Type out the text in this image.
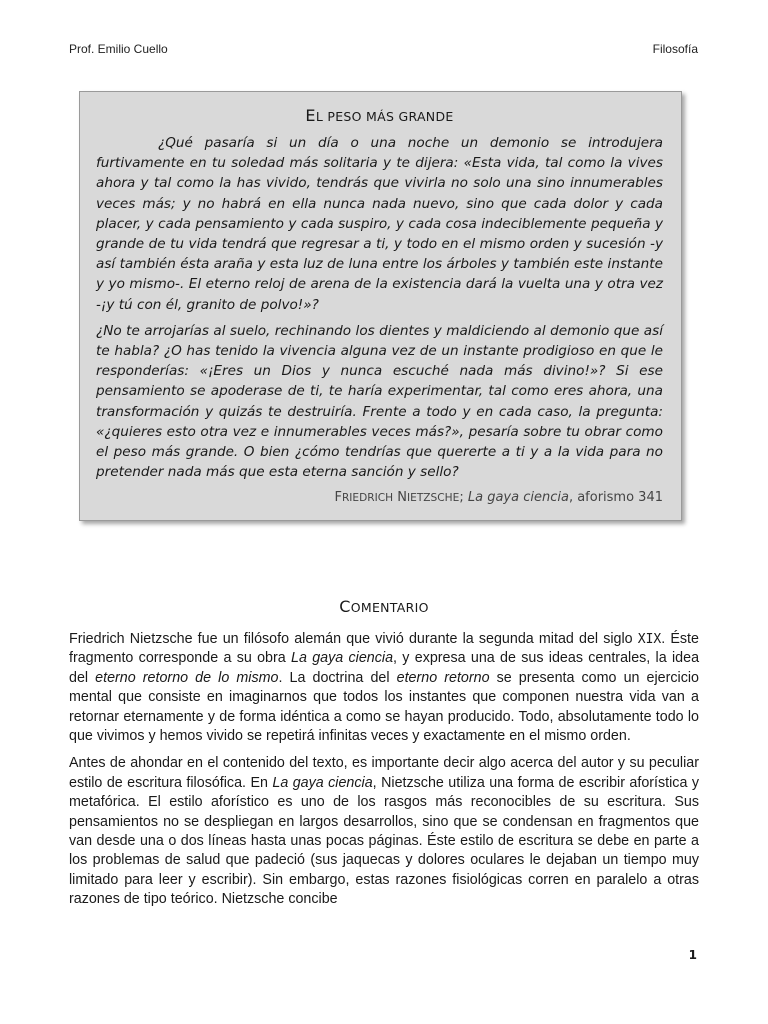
Prof. Emilio Cuello	Filosofía
EL PESO MÁS GRANDE

¿Qué pasaría si un día o una noche un demonio se introdujera furtivamente en tu soledad más solitaria y te dijera: «Esta vida, tal como la vives ahora y tal como la has vivido, tendrás que vivirla no solo una sino innumerables veces más; y no habrá en ella nunca nada nuevo, sino que cada dolor y cada placer, y cada pensamiento y cada suspiro, y cada cosa indeciblemente pequeña y grande de tu vida tendrá que regresar a ti, y todo en el mismo orden y sucesión -y así también ésta araña y esta luz de luna entre los árboles y también este instante y yo mismo-. El eterno reloj de arena de la existencia dará la vuelta una y otra vez -¡y tú con él, granito de polvo!»?

¿No te arrojarías al suelo, rechinando los dientes y maldiciendo al demonio que así te habla? ¿O has tenido la vivencia alguna vez de un instante prodigioso en que le responderías: «¡Eres un Dios y nunca escuché nada más divino!»? Si ese pensamiento se apoderase de ti, te haría experimentar, tal como eres ahora, una transformación y quizás te destruiría. Frente a todo y en cada caso, la pregunta: «¿quieres esto otra vez e innumerables veces más?», pesaría sobre tu obrar como el peso más grande. O bien ¿cómo tendrías que quererte a ti y a la vida para no pretender nada más que esta eterna sanción y sello?

FRIEDRICH NIETZSCHE; La gaya ciencia, aforismo 341
COMENTARIO

Friedrich Nietzsche fue un filósofo alemán que vivió durante la segunda mitad del siglo XIX. Éste fragmento corresponde a su obra La gaya ciencia, y expresa una de sus ideas centrales, la idea del eterno retorno de lo mismo. La doctrina del eterno retorno se presenta como un ejercicio mental que consiste en imaginarnos que todos los instantes que componen nuestra vida van a retornar eternamente y de forma idéntica a como se hayan producido. Todo, absolutamente todo lo que vivimos y hemos vivido se repetirá infinitas veces y exactamente en el mismo orden.

Antes de ahondar en el contenido del texto, es importante decir algo acerca del autor y su peculiar estilo de escritura filosófica. En La gaya ciencia, Nietzsche utiliza una forma de escribir aforística y metafórica. El estilo aforístico es uno de los rasgos más reconocibles de su escritura. Sus pensamientos no se despliegan en largos desarrollos, sino que se condensan en fragmentos que van desde una o dos líneas hasta unas pocas páginas. Éste estilo de escritura se debe en parte a los problemas de salud que padeció (sus jaquecas y dolores oculares le dejaban un tiempo muy limitado para leer y escribir). Sin embargo, estas razones fisiológicas corren en paralelo a otras razones de tipo teórico. Nietzsche concibe

1
